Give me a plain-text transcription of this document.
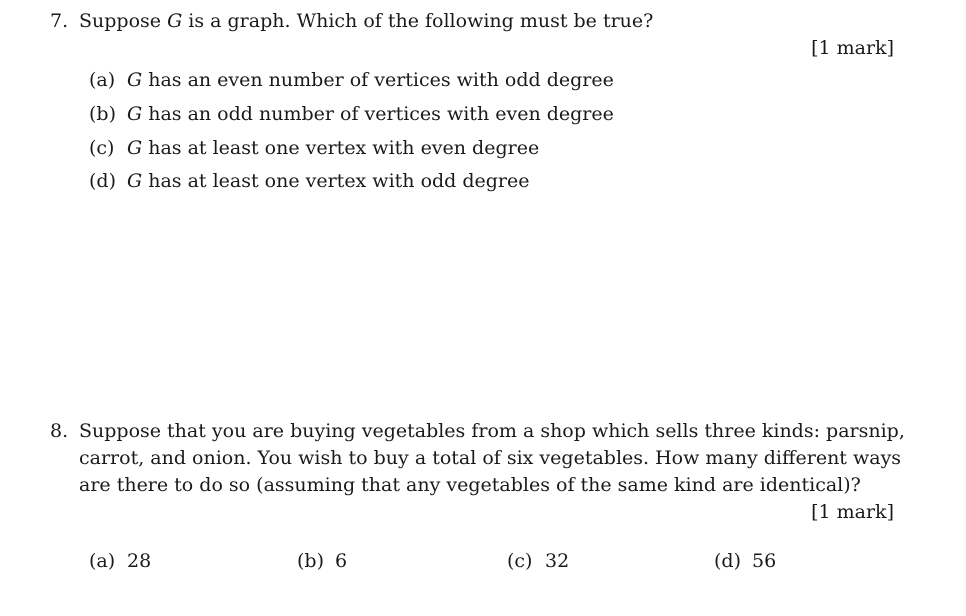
7. Suppose G is a graph. Which of the following must be true?
[1 mark]
(a) G has an even number of vertices with odd degree
(b) G has an odd number of vertices with even degree
(c) G has at least one vertex with even degree
(d) G has at least one vertex with odd degree
8. Suppose that you are buying vegetables from a shop which sells three kinds: parsnip,
carrot, and onion. You wish to buy a total of six vegetables. How many different ways
are there to do so (assuming that any vegetables of the same kind are identical)?
[1 mark]
(a) 28	(b) 6	(c) 32	(d) 56
